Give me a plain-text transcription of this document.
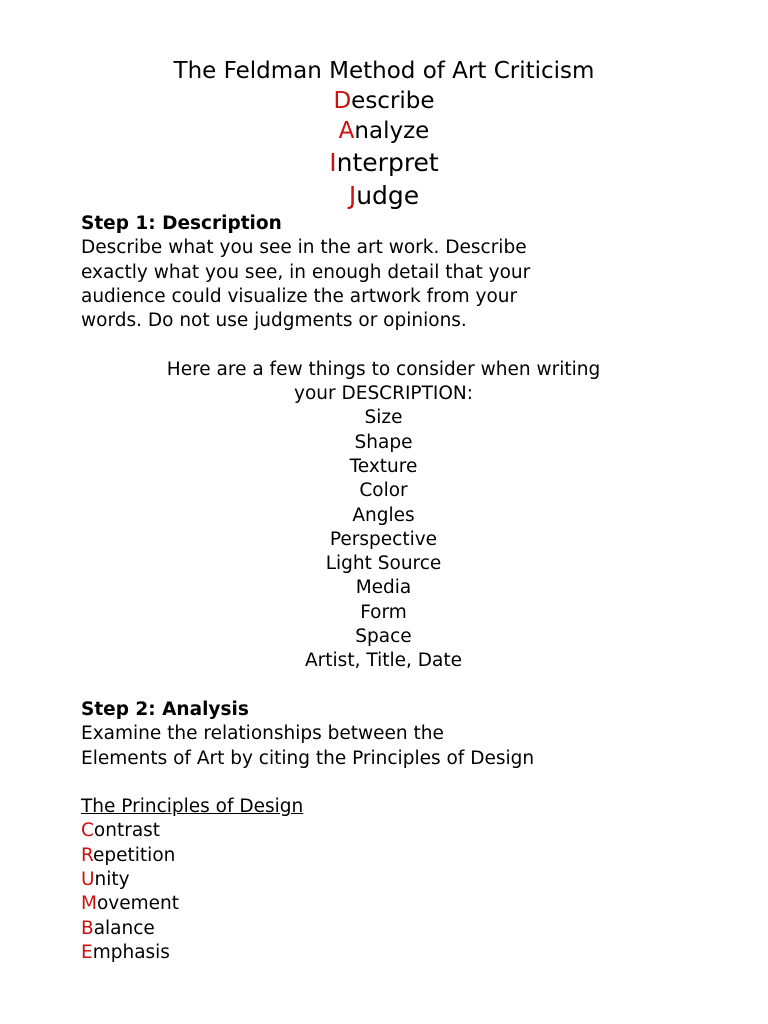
The Feldman Method of Art Criticism
Describe
Analyze
Interpret
Judge
Step 1: Description
Describe what you see in the art work. Describe
exactly what you see, in enough detail that your
audience could visualize the artwork from your
words. Do not use judgments or opinions.
Here are a few things to consider when writing
your DESCRIPTION:
Size
Shape
Texture
Color
Angles
Perspective
Light Source
Media
Form
Space
Artist, Title, Date
Step 2: Analysis
Examine the relationships between the
Elements of Art by citing the Principles of Design
The Principles of Design
Contrast
Repetition
Unity
Movement
Balance
Emphasis
